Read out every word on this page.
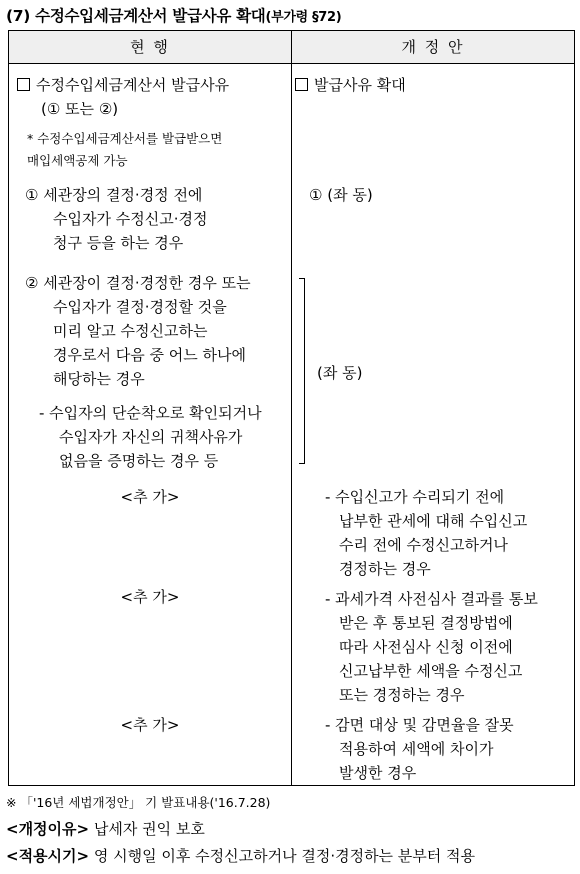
(7) 수정수입세금계산서 발급사유 확대(부가령 §72)
현 행	개 정 안
수정수입세금계산서 발급사유
(① 또는 ②)
* 수정수입세금계산서를 발급받으면
매입세액공제 가능
① 세관장의 결정·경정 전에
수입자가 수정신고·경정
청구 등을 하는 경우
② 세관장이 결정·경정한 경우 또는
수입자가 결정·경정할 것을
미리 알고 수정신고하는
경우로서 다음 중 어느 하나에
해당하는 경우
- 수입자의 단순착오로 확인되거나
수입자가 자신의 귀책사유가
없음을 증명하는 경우 등
<추 가>
<추 가>
<추 가>
발급사유 확대
① (좌 동)
(좌 동)
- 수입신고가 수리되기 전에
납부한 관세에 대해 수입신고
수리 전에 수정신고하거나
경정하는 경우
- 과세가격 사전심사 결과를 통보
받은 후 통보된 결정방법에
따라 사전심사 신청 이전에
신고납부한 세액을 수정신고
또는 경정하는 경우
- 감면 대상 및 감면율을 잘못
적용하여 세액에 차이가
발생한 경우
※ 「'16년 세법개정안」 기 발표내용('16.7.28)
<개정이유> 납세자 권익 보호
<적용시기> 영 시행일 이후 수정신고하거나 결정·경정하는 분부터 적용
